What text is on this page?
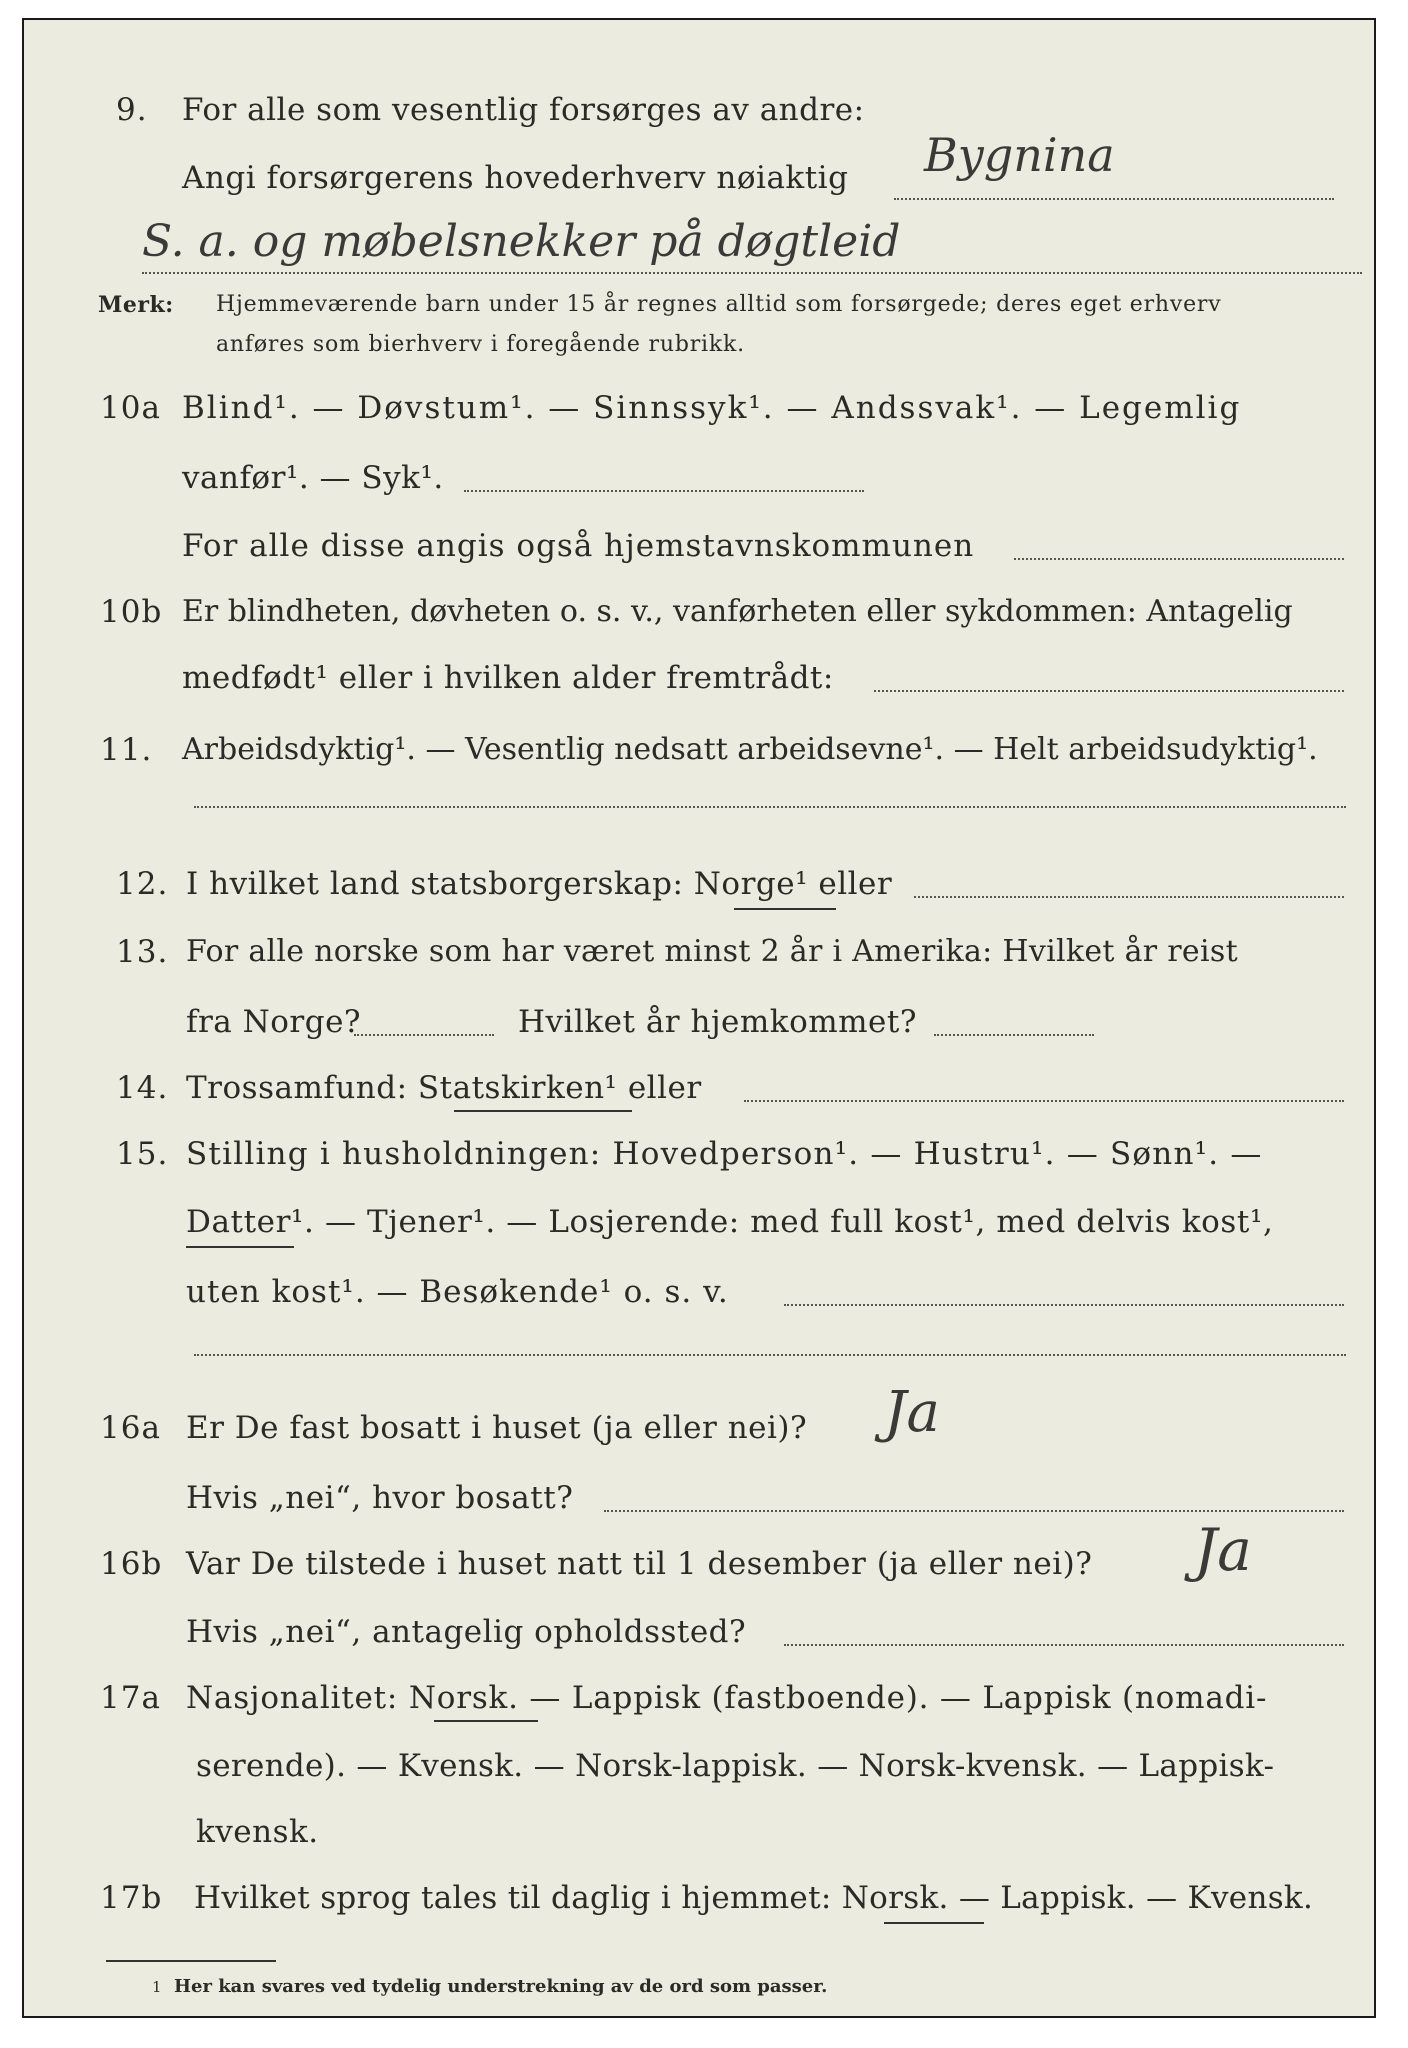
9. For alle som vesentlig forsørges av andre:
Angi forsørgerens hovederhverv nøiaktig Bygnina
S. a. og møbelsnekker på døgtleid
Merk: Hjemmeværende barn under 15 år regnes alltid som forsørgede; deres eget erhverv
anføres som bierhverv i foregående rubrikk.
10a Blind¹. — Døvstum¹. — Sinnssyk¹. — Andssvak¹. — Legemlig
vanfør¹. — Syk¹.
For alle disse angis også hjemstavnskommunen
10b Er blindheten, døvheten o. s. v., vanførheten eller sykdommen: Antagelig
medfødt¹ eller i hvilken alder fremtrådt:
11. Arbeidsdyktig¹. — Vesentlig nedsatt arbeidsevne¹. — Helt arbeidsudyktig¹.
12. I hvilket land statsborgerskap: Norge¹ eller
13. For alle norske som har været minst 2 år i Amerika: Hvilket år reist
fra Norge?	Hvilket år hjemkommet?
14. Trossamfund: Statskirken¹ eller
15. Stilling i husholdningen: Hovedperson¹. — Hustru¹. — Sønn¹. —
Datter¹. — Tjener¹. — Losjerende: med full kost¹, med delvis kost¹,
uten kost¹. — Besøkende¹ o. s. v.
16a Er De fast bosatt i huset (ja eller nei)? Ja
Hvis „nei“, hvor bosatt?
16b Var De tilstede i huset natt til 1 desember (ja eller nei)? Ja
Hvis „nei“, antagelig opholdssted?
17a Nasjonalitet: Norsk. — Lappisk (fastboende). — Lappisk (nomadi-
serende). — Kvensk. — Norsk-lappisk. — Norsk-kvensk. — Lappisk-
kvensk.
17b Hvilket sprog tales til daglig i hjemmet: Norsk. — Lappisk. — Kvensk.
1 Her kan svares ved tydelig understrekning av de ord som passer.
